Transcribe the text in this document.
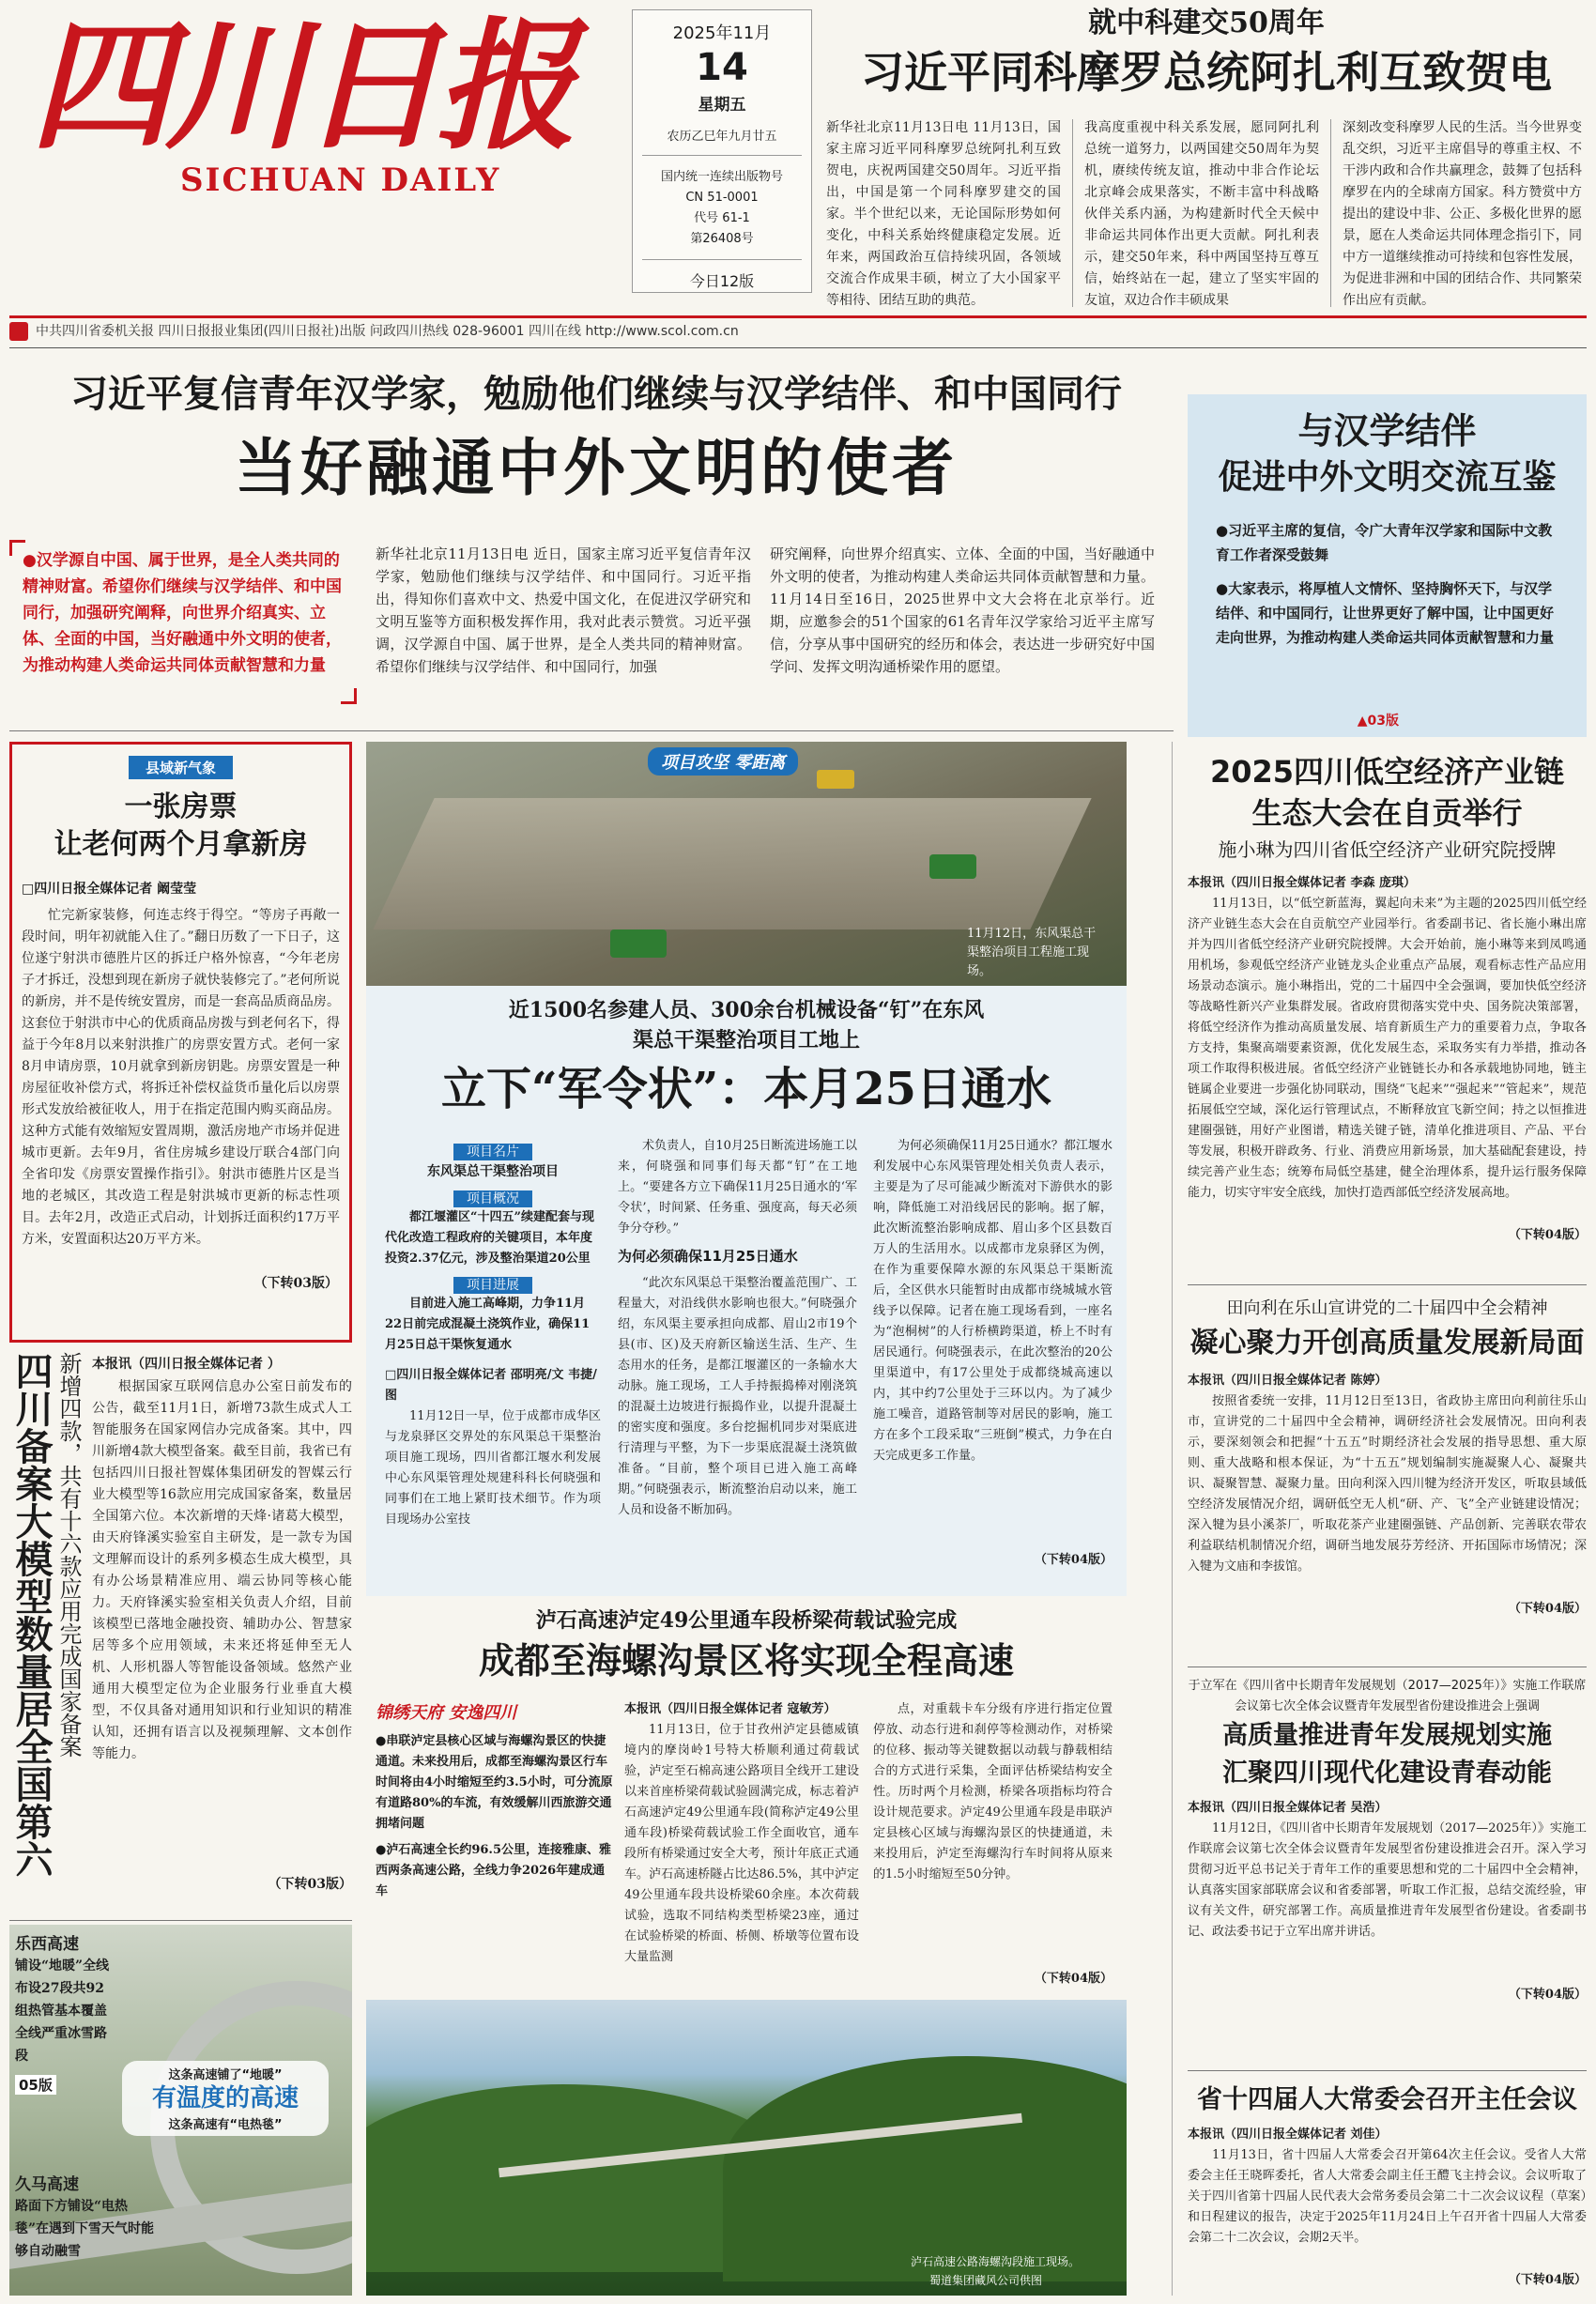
四川日报
SICHUAN DAILY
2025年11月
14
星期五
农历乙巳年九月廿五
国内统一连续出版物号
CN 51-0001
代号 61-1
第26408号
今日12版
就中科建交50周年
习近平同科摩罗总统阿扎利互致贺电
新华社北京11月13日电 11月13日，国家主席习近平同科摩罗总统阿扎利互致贺电，庆祝两国建交50周年。习近平指出，中国是第一个同科摩罗建交的国家。半个世纪以来，无论国际形势如何变化，中科关系始终健康稳定发展。近年来，两国政治互信持续巩固，各领域交流合作成果丰硕，树立了大小国家平等相待、团结互助的典范。
我高度重视中科关系发展，愿同阿扎利总统一道努力，以两国建交50周年为契机，赓续传统友谊，推动中非合作论坛北京峰会成果落实，不断丰富中科战略伙伴关系内涵，为构建新时代全天候中非命运共同体作出更大贡献。阿扎利表示，建交50年来，科中两国坚持互尊互信，始终站在一起，建立了坚实牢固的友谊，双边合作丰硕成果
深刻改变科摩罗人民的生活。当今世界变乱交织，习近平主席倡导的尊重主权、不干涉内政和合作共赢理念，鼓舞了包括科摩罗在内的全球南方国家。科方赞赏中方提出的建设中非、公正、多极化世界的愿景，愿在人类命运共同体理念指引下，同中方一道继续推动可持续和包容性发展，为促进非洲和中国的团结合作、共同繁荣作出应有贡献。
中共四川省委机关报 四川日报报业集团(四川日报社)出版 问政四川热线 028-96001 四川在线 http://www.scol.com.cn
习近平复信青年汉学家，勉励他们继续与汉学结伴、和中国同行
当好融通中外文明的使者
●汉学源自中国、属于世界，是全人类共同的精神财富。希望你们继续与汉学结伴、和中国同行，加强研究阐释，向世界介绍真实、立体、全面的中国，当好融通中外文明的使者，为推动构建人类命运共同体贡献智慧和力量
新华社北京11月13日电 近日，国家主席习近平复信青年汉学家，勉励他们继续与汉学结伴、和中国同行。习近平指出，得知你们喜欢中文、热爱中国文化，在促进汉学研究和文明互鉴等方面积极发挥作用，我对此表示赞赏。习近平强调，汉学源自中国、属于世界，是全人类共同的精神财富。希望你们继续与汉学结伴、和中国同行，加强
研究阐释，向世界介绍真实、立体、全面的中国，当好融通中外文明的使者，为推动构建人类命运共同体贡献智慧和力量。11月14日至16日，2025世界中文大会将在北京举行。近期，应邀参会的51个国家的61名青年汉学家给习近平主席写信，分享从事中国研究的经历和体会，表达进一步研究好中国学问、发挥文明沟通桥梁作用的愿望。
与汉学结伴
促进中外文明交流互鉴
●习近平主席的复信，令广大青年汉学家和国际中文教育工作者深受鼓舞
●大家表示，将厚植人文情怀、坚持胸怀天下，与汉学结伴、和中国同行，让世界更好了解中国，让中国更好走向世界，为推动构建人类命运共同体贡献智慧和力量
▲03版
县域新气象
一张房票
让老何两个月拿新房
□四川日报全媒体记者 阚莹莹
忙完新家装修，何连志终于得空。“等房子再敞一段时间，明年初就能入住了。”翻日历数了一下日子，这位遂宁射洪市德胜片区的拆迁户格外惊喜，“今年老房子才拆迁，没想到现在新房子就快装修完了。”老何所说的新房，并不是传统安置房，而是一套高品质商品房。这套位于射洪市中心的优质商品房拨与到老何名下，得益于今年8月以来射洪推广的房票安置方式。老何一家8月申请房票，10月就拿到新房钥匙。房票安置是一种房屋征收补偿方式，将拆迁补偿权益货币量化后以房票形式发放给被征收人，用于在指定范围内购买商品房。这种方式能有效缩短安置周期，激活房地产市场并促进城市更新。去年9月，省住房城乡建设厅联合4部门向全省印发《房票安置操作指引》。射洪市德胜片区是当地的老城区，其改造工程是射洪城市更新的标志性项目。去年2月，改造正式启动，计划拆迁面积约17万平方米，安置面积达20万平方米。
（下转03版）
四川备案大模型数量居全国第六 新增四款，共有十六款应用完成国家备案 本报讯（四川日报全媒体记者 ）
根据国家互联网信息办公室日前发布的公告，截至11月1日，新增73款生成式人工智能服务在国家网信办完成备案。其中，四川新增4款大模型备案。截至目前，我省已有包括四川日报社智媒体集团研发的智媒云行业大模型等16款应用完成国家备案，数量居全国第六位。本次新增的天烽·诸葛大模型，由天府锋溪实验室自主研发，是一款专为国文理解而设计的系列多模态生成大模型，具有办公场景精准应用、端云协同等核心能力。天府锋溪实验室相关负责人介绍，目前该模型已落地金融投资、辅助办公、智慧家居等多个应用领域，未来还将延伸至无人机、人形机器人等智能设备领域。悠然产业通用大模型定位为企业服务行业垂直大模型，不仅具备对通用知识和行业知识的精准认知，还拥有语言以及视频理解、文本创作等能力。
（下转03版）
乐西高速
铺设“地暖”全线布设27段共92组热管基本覆盖全线严重冰雪路段
05版
这条高速铺了“地暖”
有温度的高速
这条高速有“电热毯”
久马高速
路面下方铺设“电热毯”在遇到下雪天气时能够自动融雪
项目攻坚 零距离
11月12日，东风渠总干渠整治项目工程施工现场。
近1500名参建人员、300余台机械设备“钉”在东风渠总干渠整治项目工地上
立下“军令状”：本月25日通水
项目名片
东风渠总干渠整治项目
项目概况
都江堰灌区“十四五”续建配套与现代化改造工程政府的关键项目，本年度投资2.37亿元，涉及整治渠道20公里
项目进展
目前进入施工高峰期，力争11月22日前完成混凝土浇筑作业，确保11月25日总干渠恢复通水
□四川日报全媒体记者 邵明亮/文 韦捷/图
11月12日一早，位于成都市成华区与龙泉驿区交界处的东风渠总干渠整治项目施工现场，四川省都江堰水利发展中心东风渠管理处规建科科长何晓强和同事们在工地上紧盯技术细节。作为项目现场办公室技
术负责人，自10月25日断流进场施工以来，何晓强和同事们每天都“钉”在工地上。“要建各方立下确保11月25日通水的‘军令状’，时间紧、任务重、强度高，每天必须争分夺秒。”
为何必须确保11月25日通水
“此次东风渠总干渠整治覆盖范围广、工程量大，对沿线供水影响也很大。”何晓强介绍，东风渠主要承担向成都、眉山2市19个县(市、区)及天府新区输送生活、生产、生态用水的任务，是都江堰灌区的一条输水大动脉。施工现场，工人手持振捣棒对刚浇筑的混凝土边坡进行振捣作业，以提升混凝土的密实度和强度。多台挖掘机同步对渠底进行清理与平整，为下一步渠底混凝土浇筑做准备。“目前，整个项目已进入施工高峰期。”何晓强表示，断流整治启动以来，施工人员和设备不断加码。
为何必须确保11月25日通水？都江堰水利发展中心东风渠管理处相关负责人表示，主要是为了尽可能减少断流对下游供水的影响，降低施工对沿线居民的影响。据了解，此次断流整治影响成都、眉山多个区县数百万人的生活用水。以成都市龙泉驿区为例，在作为重要保障水源的东风渠总干渠断流后，全区供水只能暂时由成都市绕城城水管线予以保障。记者在施工现场看到，一座名为“泡桐树”的人行桥横跨渠道，桥上不时有居民通行。何晓强表示，在此次整治的20公里渠道中，有17公里处于成都绕城高速以内，其中约7公里处于三环以内。为了减少施工噪音，道路管制等对居民的影响，施工方在多个工段采取“三班倒”模式，力争在白天完成更多工作量。
（下转04版）
泸石高速泸定49公里通车段桥梁荷载试验完成
成都至海螺沟景区将实现全程高速
锦绣天府 安逸四川
●串联泸定县核心区域与海螺沟景区的快捷通道。未来投用后，成都至海螺沟景区行车时间将由4小时缩短至约3.5小时，可分流原有道路80%的车流，有效缓解川西旅游交通拥堵问题
●泸石高速全长约96.5公里，连接雅康、雅西两条高速公路，全线力争2026年建成通车
本报讯（四川日报全媒体记者 寇敏芳）
11月13日，位于甘孜州泸定县德威镇境内的摩岗岭1号特大桥顺利通过荷载试验，泸定至石棉高速公路项目全线开工建设以来首座桥梁荷载试验圆满完成，标志着泸石高速泸定49公里通车段(简称泸定49公里通车段)桥梁荷载试验工作全面收官，通车段所有桥梁通过安全大考，预计年底正式通车。泸石高速桥隧占比达86.5%，其中泸定49公里通车段共设桥梁60余座。本次荷载试验，选取不同结构类型桥梁23座，通过在试验桥梁的桥面、桥侧、桥墩等位置布设大量监测
点，对重载卡车分级有序进行指定位置停放、动态行进和刹停等检测动作，对桥梁的位移、振动等关键数据以动载与静载相结合的方式进行采集，全面评估桥梁结构安全性。历时两个月检测，桥梁各项指标均符合设计规范要求。泸定49公里通车段是串联泸定县核心区域与海螺沟景区的快捷通道，未来投用后，泸定至海螺沟行车时间将从原来的1.5小时缩短至50分钟。
（下转04版）
泸石高速公路海螺沟段施工现场。
蜀道集团藏风公司供图
2025四川低空经济产业链
生态大会在自贡举行
施小琳为四川省低空经济产业研究院授牌
本报讯（四川日报全媒体记者 李森 庞琪）
11月13日，以“低空新蓝海，翼起向未来”为主题的2025四川低空经济产业链生态大会在自贡航空产业园举行。省委副书记、省长施小琳出席并为四川省低空经济产业研究院授牌。大会开始前，施小琳等来到凤鸣通用机场，参观低空经济产业链龙头企业重点产品展，观看标志性产品应用场景动态演示。施小琳指出，党的二十届四中全会强调，要加快低空经济等战略性新兴产业集群发展。省政府贯彻落实党中央、国务院决策部署，将低空经济作为推动高质量发展、培育新质生产力的重要着力点，争取各方支持，集聚高端要素资源，优化发展生态，采取务实有力举措，推动各项工作取得积极进展。省低空经济产业链链长办和各承载地协同地，链主链属企业要进一步强化协同联动，围绕“飞起来”“强起来”“管起来”，规范拓展低空空域，深化运行管理试点，不断释放宜飞新空间；持之以恒推进建圈强链，用好产业图谱，精选关键子链，清单化推进项目、产品、平台等发展，积极开辟政务、行业、消费应用新场景，加大基础配套建设，持续完善产业生态；统筹布局低空基建，健全治理体系，提升运行服务保障能力，切实守牢安全底线，加快打造西部低空经济发展高地。
（下转04版）
田向利在乐山宣讲党的二十届四中全会精神
凝心聚力开创高质量发展新局面
本报讯（四川日报全媒体记者 陈婷）
按照省委统一安排，11月12日至13日，省政协主席田向利前往乐山市，宣讲党的二十届四中全会精神，调研经济社会发展情况。田向利表示，要深刻领会和把握“十五五”时期经济社会发展的指导思想、重大原则、重大战略和根本保证，为“十五五”规划编制实施凝聚人心、凝聚共识、凝聚智慧、凝聚力量。田向利深入四川犍为经济开发区，听取县域低空经济发展情况介绍，调研低空无人机“研、产、飞”全产业链建设情况；深入犍为县小溪茶厂，听取花茶产业建圈强链、产品创新、完善联农带农利益联结机制情况介绍，调研当地发展芬芳经济、开拓国际市场情况；深入犍为文庙和李拔馆。
（下转04版）
于立军在《四川省中长期青年发展规划（2017—2025年）》实施工作联席会议第七次全体会议暨青年发展型省份建设推进会上强调
高质量推进青年发展规划实施
汇聚四川现代化建设青春动能
本报讯（四川日报全媒体记者 吴浩）
11月12日，《四川省中长期青年发展规划（2017—2025年）》实施工作联席会议第七次全体会议暨青年发展型省份建设推进会召开。深入学习贯彻习近平总书记关于青年工作的重要思想和党的二十届四中全会精神，认真落实国家部联席会议和省委部署，听取工作汇报，总结交流经验，审议有关文件，研究部署工作。高质量推进青年发展型省份建设。省委副书记、政法委书记于立军出席并讲话。
（下转04版）
省十四届人大常委会召开主任会议
本报讯（四川日报全媒体记者 刘佳）
11月13日，省十四届人大常委会召开第64次主任会议。受省人大常委会主任王晓晖委托，省人大常委会副主任王醴飞主持会议。会议听取了关于四川省第十四届人民代表大会常务委员会第二十二次会议议程（草案）和日程建议的报告，决定于2025年11月24日上午召开省十四届人大常委会第二十二次会议，会期2天半。
（下转04版）
